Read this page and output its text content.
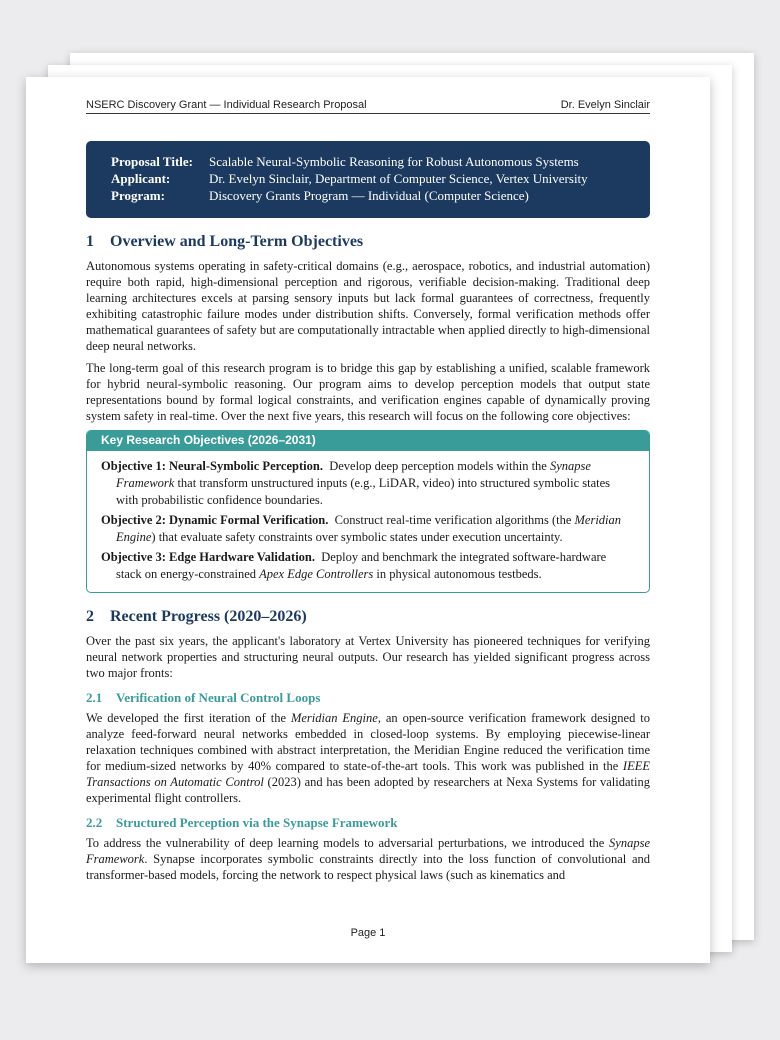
NSERC Discovery Grant — Individual Research Proposal	Dr. Evelyn Sinclair
Proposal Title:	Scalable Neural-Symbolic Reasoning for Robust Autonomous Systems
Applicant:	Dr. Evelyn Sinclair, Department of Computer Science, Vertex University
Program:	Discovery Grants Program — Individual (Computer Science)
1 Overview and Long-Term Objectives

Autonomous systems operating in safety-critical domains (e.g., aerospace, robotics, and industrial automation) require both rapid, high-dimensional perception and rigorous, verifiable decision-making. Traditional deep learning architectures excels at parsing sensory inputs but lack formal guarantees of correctness, frequently exhibiting catastrophic failure modes under distribution shifts. Conversely, formal verification methods offer mathematical guarantees of safety but are computationally intractable when applied directly to high-dimensional deep neural networks.

The long-term goal of this research program is to bridge this gap by establishing a unified, scalable framework for hybrid neural-symbolic reasoning. Our program aims to develop perception models that output state representations bound by formal logical constraints, and verification engines capable of dynamically proving system safety in real-time. Over the next five years, this research will focus on the following core objectives:

Key Research Objectives (2026–2031)
Objective 1: Neural-Symbolic Perception. Develop deep perception models within the Synapse Framework that transform unstructured inputs (e.g., LiDAR, video) into structured symbolic states with probabilistic confidence boundaries.
Objective 2: Dynamic Formal Verification. Construct real-time verification algorithms (the Meridian Engine) that evaluate safety constraints over symbolic states under execution uncertainty.
Objective 3: Edge Hardware Validation. Deploy and benchmark the integrated software-hardware stack on energy-constrained Apex Edge Controllers in physical autonomous testbeds.
2 Recent Progress (2020–2026)

Over the past six years, the applicant's laboratory at Vertex University has pioneered techniques for verifying neural network properties and structuring neural outputs. Our research has yielded significant progress across two major fronts:

2.1 Verification of Neural Control Loops

We developed the first iteration of the Meridian Engine, an open-source verification framework designed to analyze feed-forward neural networks embedded in closed-loop systems. By employing piecewise-linear relaxation techniques combined with abstract interpretation, the Meridian Engine reduced the verification time for medium-sized networks by 40% compared to state-of-the-art tools. This work was published in the IEEE Transactions on Automatic Control (2023) and has been adopted by researchers at Nexa Systems for validating experimental flight controllers.

2.2 Structured Perception via the Synapse Framework

To address the vulnerability of deep learning models to adversarial perturbations, we introduced the Synapse Framework. Synapse incorporates symbolic constraints directly into the loss function of convolutional and transformer-based models, forcing the network to respect physical laws (such as kinematics and

Page 1
